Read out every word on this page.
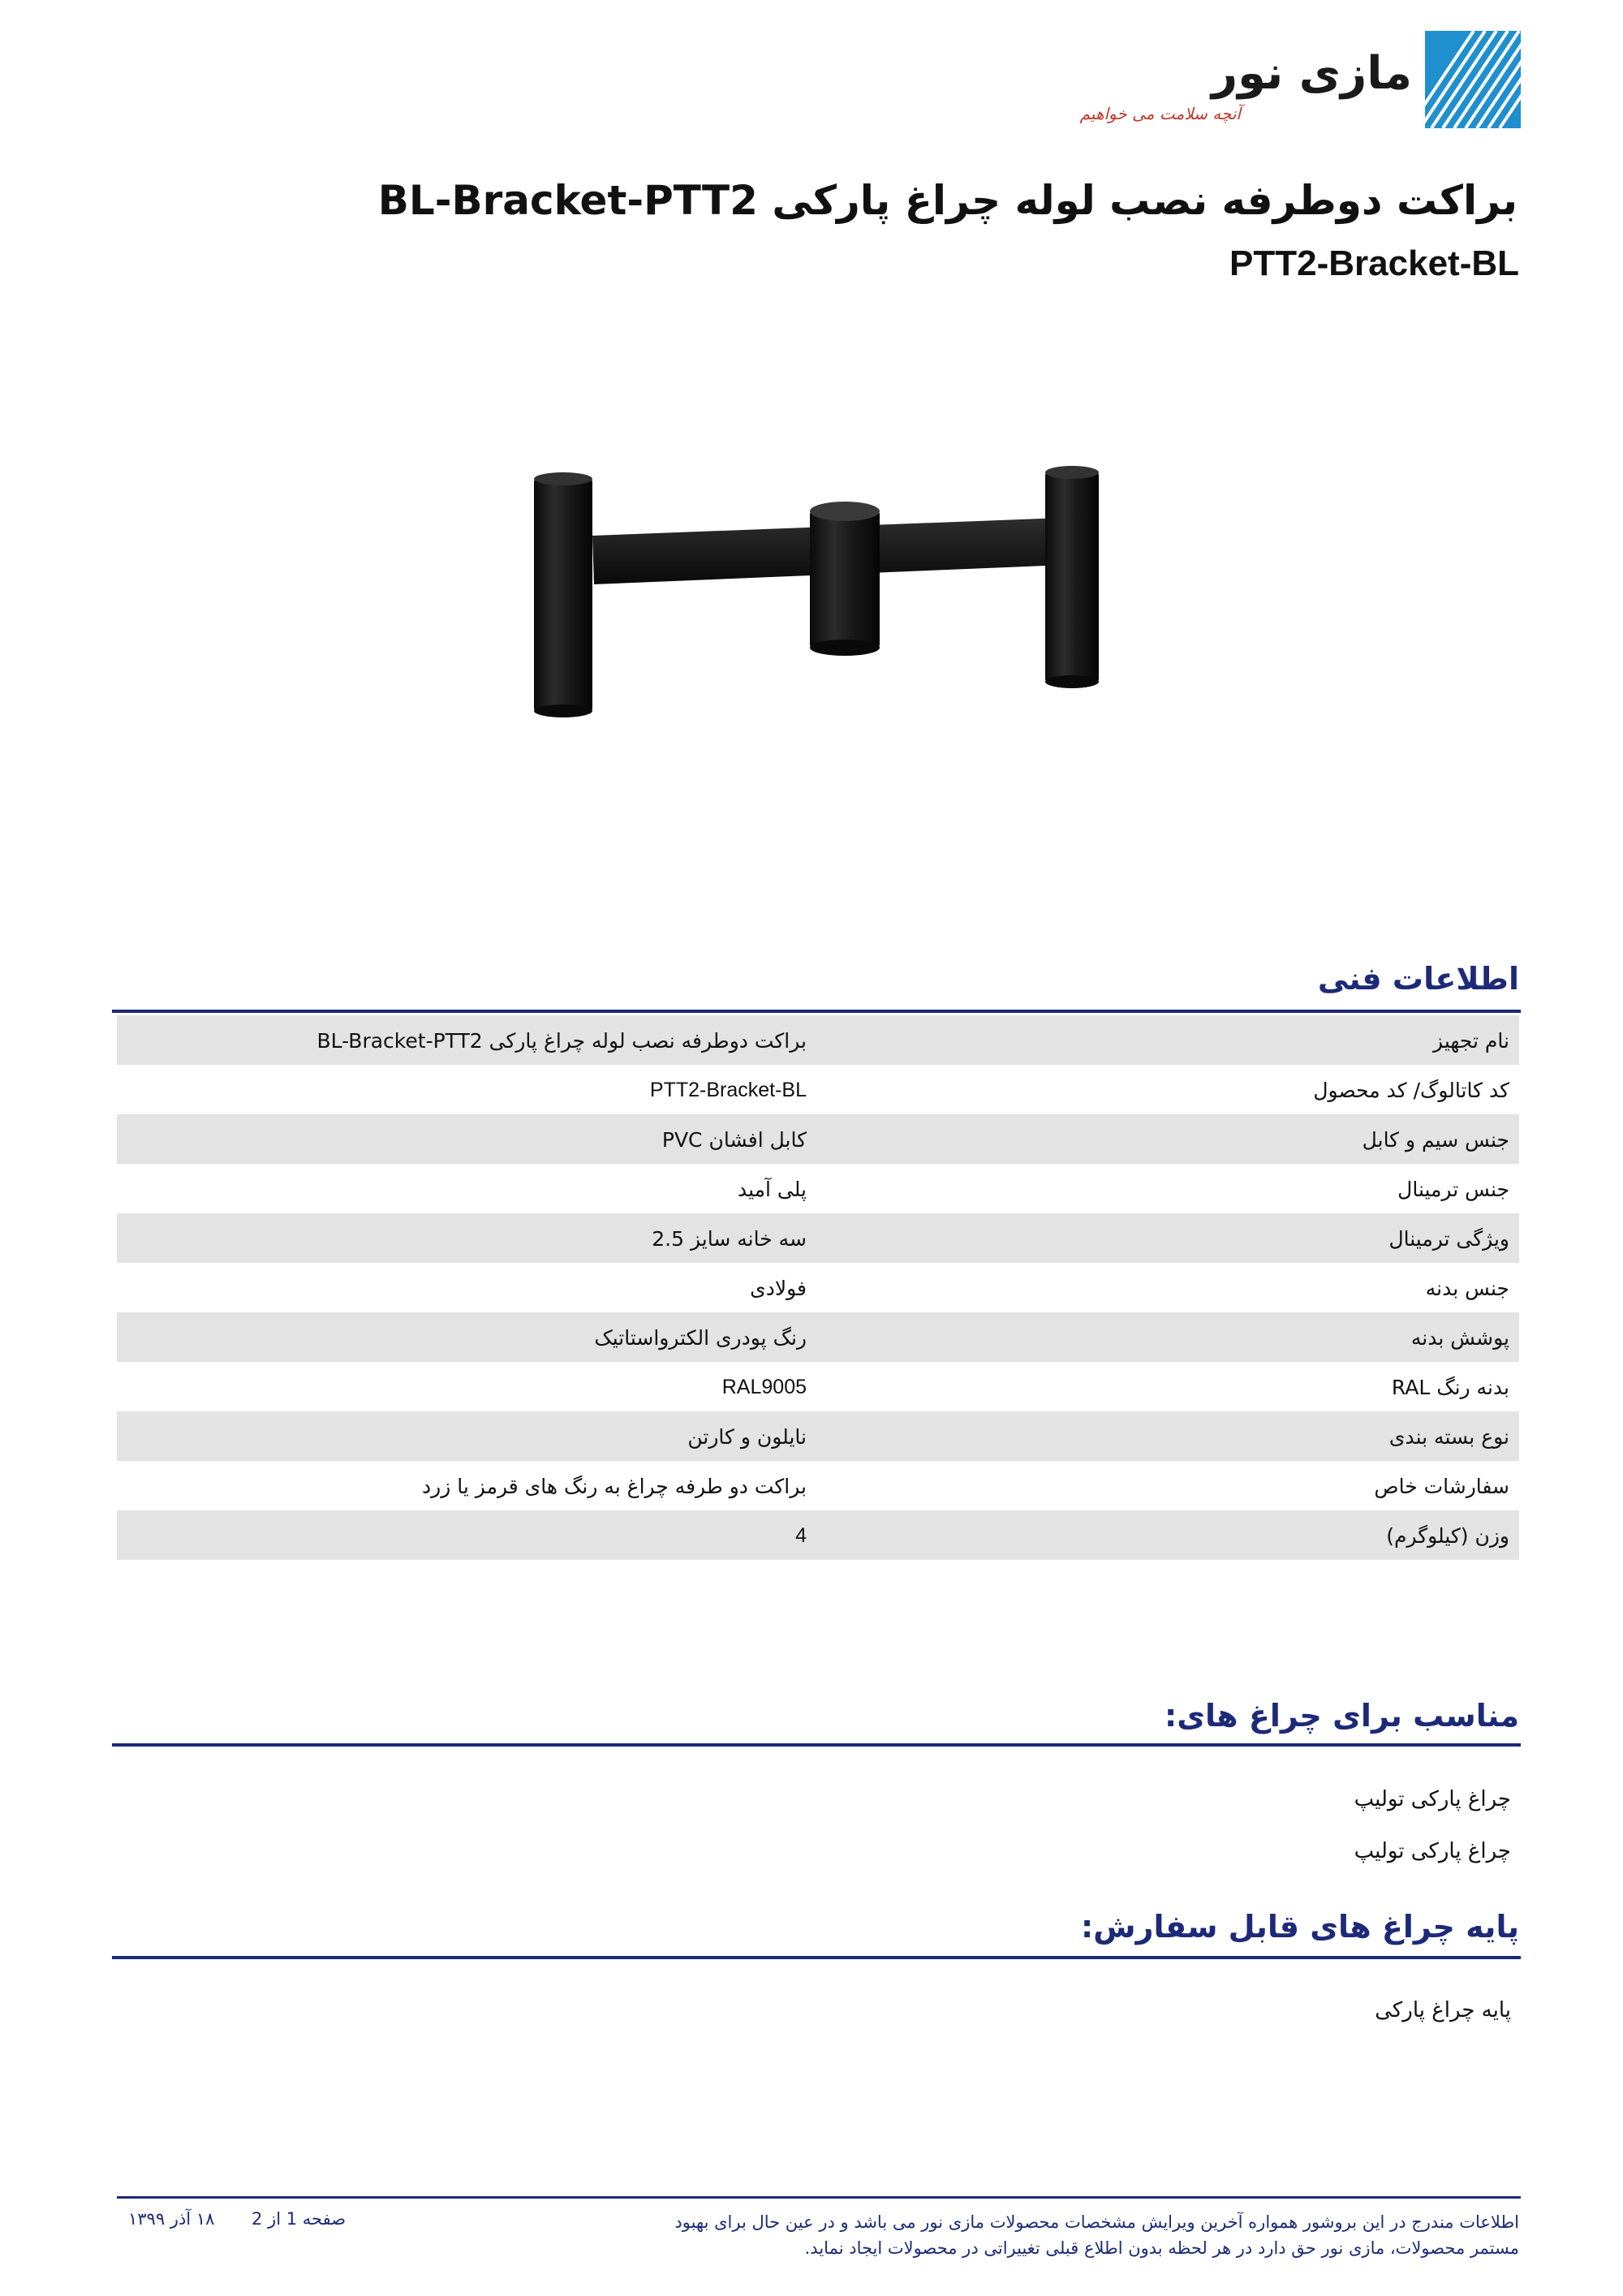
مازی نور
آنچه سلامت می خواهیم
براکت دوطرفه نصب لوله چراغ پارکی BL-Bracket-PTT2
PTT2-Bracket-BL
اطلاعات فنی
نام تجهیز
براکت دوطرفه نصب لوله چراغ پارکی BL-Bracket-PTT2
کد کاتالوگ/ کد محصول
PTT2-Bracket-BL
جنس سیم و کابل
کابل افشان PVC
جنس ترمینال
پلی آمید
ویژگی ترمینال
سه خانه سایز 2.5
جنس بدنه
فولادی
پوشش بدنه
رنگ پودری الکترواستاتیک
بدنه رنگ RAL
RAL9005
نوع بسته بندی
نایلون و کارتن
سفارشات خاص
براکت دو طرفه چراغ به رنگ های قرمز یا زرد
وزن (کیلوگرم)
4
مناسب برای چراغ های:
چراغ پارکی تولیپ
چراغ پارکی تولیپ
پایه چراغ های قابل سفارش:
پایه چراغ پارکی
اطلاعات مندرج در این بروشور همواره آخرین ویرایش مشخصات محصولات مازی نور می باشد و در عین حال برای بهبود مستمر محصولات، مازی نور حق دارد در هر لحظه بدون اطلاع قبلی تغییراتی در محصولات ایجاد نماید.
صفحه 1 از 2
۱۸ آذر ۱۳۹۹
